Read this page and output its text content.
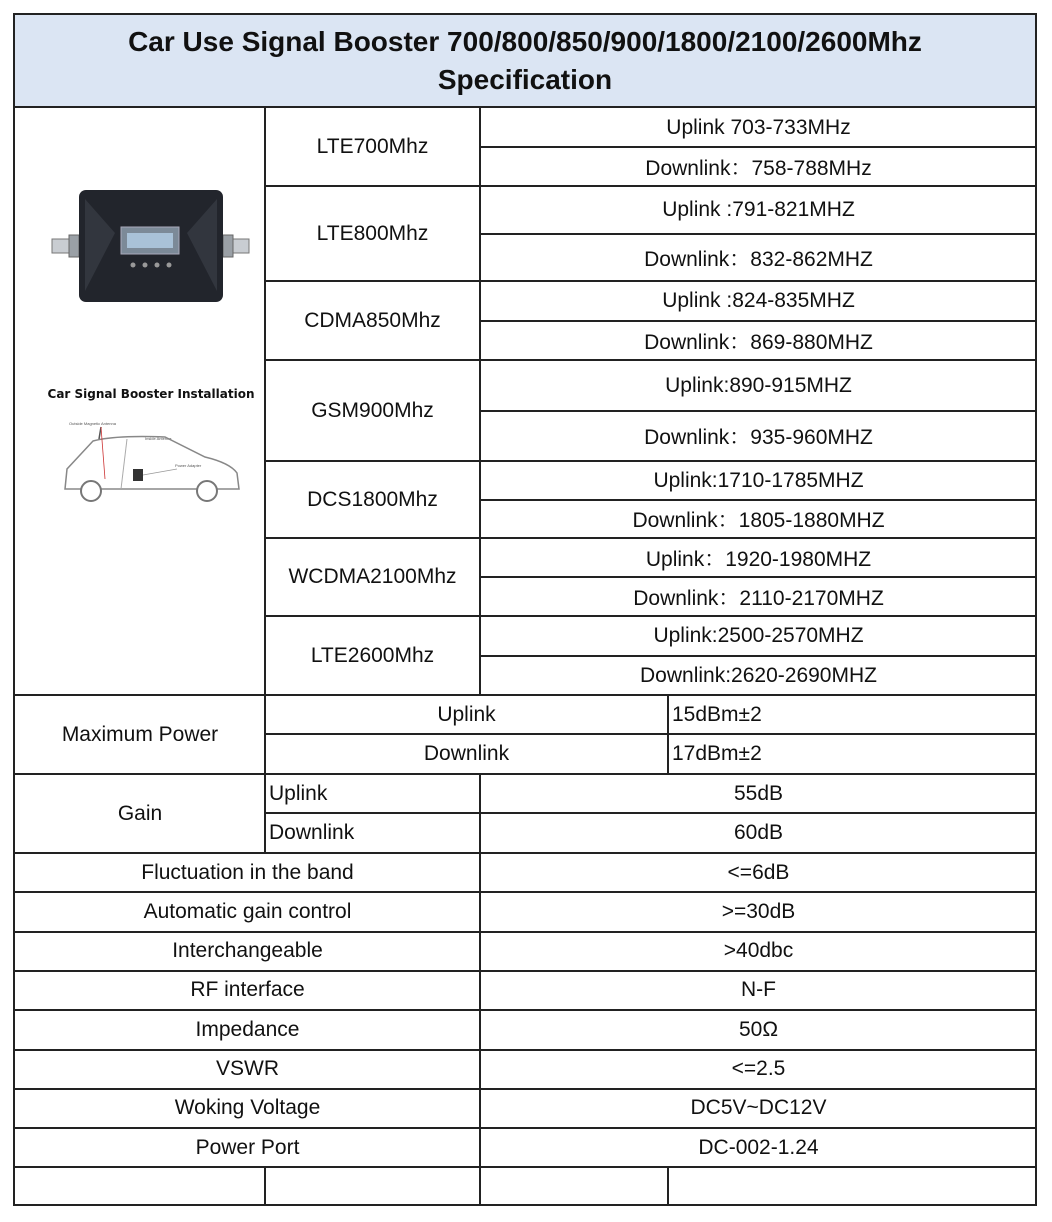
Car Use Signal Booster 700/800/850/900/1800/2100/2600Mhz
Specification
Car Signal Booster Installation
Outside Magnetic Antenna
Inside Antenna
Power Adapter
Maximum Power
Uplink	15dBm±2
Downlink	17dBm±2
Gain
Uplink	55dB
Downlink	60dB
LTE700Mhz
Uplink 703-733MHz
Downlink：758-788MHz
LTE800Mhz
Uplink :791-821MHZ
Downlink：832-862MHZ
CDMA850Mhz
Uplink :824-835MHZ
Downlink：869-880MHZ
GSM900Mhz
Uplink:890-915MHZ
Downlink：935-960MHZ
DCS1800Mhz
Uplink:1710-1785MHZ
Downlink：1805-1880MHZ
WCDMA2100Mhz
Uplink：1920-1980MHZ
Downlink：2110-2170MHZ
LTE2600Mhz
Uplink:2500-2570MHZ
Downlink:2620-2690MHZ
Fluctuation in the band	<=6dB
Automatic gain control	>=30dB
Interchangeable	>40dbc
RF interface	N-F
Impedance	50Ω
VSWR	<=2.5
Woking Voltage	DC5V~DC12V
Power Port	DC-002-1.24
